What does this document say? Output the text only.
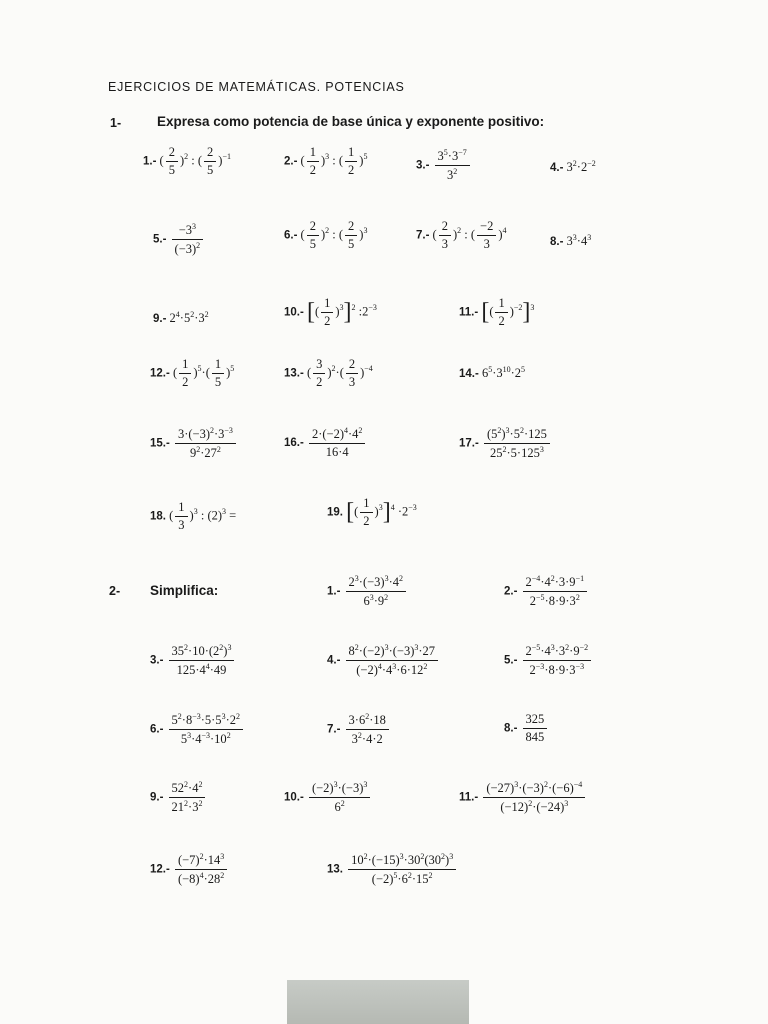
EJERCICIOS DE MATEMÁTICAS. POTENCIAS
1-	Expresa como potencia de base única y exponente positivo:
1.- ( $\frac{2}{5} )^2$ : ( $\frac{2}{5} )^{-1}$	2.- ( $\frac{1}{2} )^3$ : ( $\frac{1}{2} )^5$
$3.- \frac{3^5\cdot 3^{-7}}{3^2}$	4.- $3^2\cdot 2^{-2}$
$5.- \frac{-3^3}{(-3)^2}$	6.- ( $\frac{2}{5} )^2$ : ( $\frac{2}{5} )^3$	7.- ( $\frac{2}{3} )^2$ : ( $\frac{-2}{3} )^4$
8.- $3^3\cdot 4^3$
9.- $2^4\cdot 5^2\cdot 3^2$	10.- [( $\frac{1}{2} )^3]^2$ $:2^{-3}$	11.- [( $\frac{1}{2} )^{-2}]^3$
12.- ( $\frac{1}{2} )^5\cdot( \frac{1}{5} )^5$	13.- ( $\frac{3}{2} )^2\cdot( \frac{2}{3} )^{-4}$	14.- $6^5\cdot 3^{10}\cdot 2^5$
$15.- \frac{3\cdot(-3)^2\cdot 3^{-3}}{9^2\cdot 27^2}$	$16.- \frac{2\cdot(-2)^4\cdot 4^2}{16\cdot 4}$	$17.- \frac{(5^2)^3\cdot 5^2\cdot 125}{25^2\cdot 5\cdot 125^3}$
18. ( $\frac{1}{3} )^3$ : $(2)^3$ =	19. [( $\frac{1}{2} )^3]^4 \cdot 2^{-3}$
2- Simplifica:	$1.- \frac{2^3\cdot(-3)^3\cdot 4^2}{6^3\cdot 9^2}$	$2.- \frac{2^{-4}\cdot 4^2\cdot 3\cdot 9^{-1}}{2^{-5}\cdot 8\cdot 9\cdot 3^2}$
$3.- \frac{35^2\cdot 10\cdot(2^2)^3}{125\cdot 4^4\cdot 49}$	$4.- \frac{8^2\cdot(-2)^3\cdot(-3)^3\cdot 27}{(-2)^4\cdot 4^3\cdot 6\cdot 12^2}$	$5.- \frac{2^{-5}\cdot 4^3\cdot 3^2\cdot 9^{-2}}{2^{-3}\cdot 8\cdot 9\cdot 3^{-3}}$
$6.- \frac{5^2\cdot 8^{-3}\cdot 5\cdot 5^3\cdot 2^2}{5^3\cdot 4^{-3}\cdot 10^2}$	$7.- \frac{3\cdot 6^2\cdot 18}{3^2\cdot 4\cdot 2}$	$8.- \frac{325}{845}$
$9.- \frac{52^2\cdot 4^2}{21^2\cdot 3^2}$	$10.- \frac{(-2)^3\cdot(-3)^3}{6^2}$	$11.- \frac{(-27)^3\cdot(-3)^2\cdot(-6)^{-4}}{(-12)^2\cdot(-24)^3}$
$12.- \frac{(-7)^2\cdot 14^3}{(-8)^4\cdot 28^2}$	13. $\frac{10^2\cdot(-15)^3\cdot 30^2(30^2)^3}{(-2)^5\cdot 6^2\cdot 15^2}$
